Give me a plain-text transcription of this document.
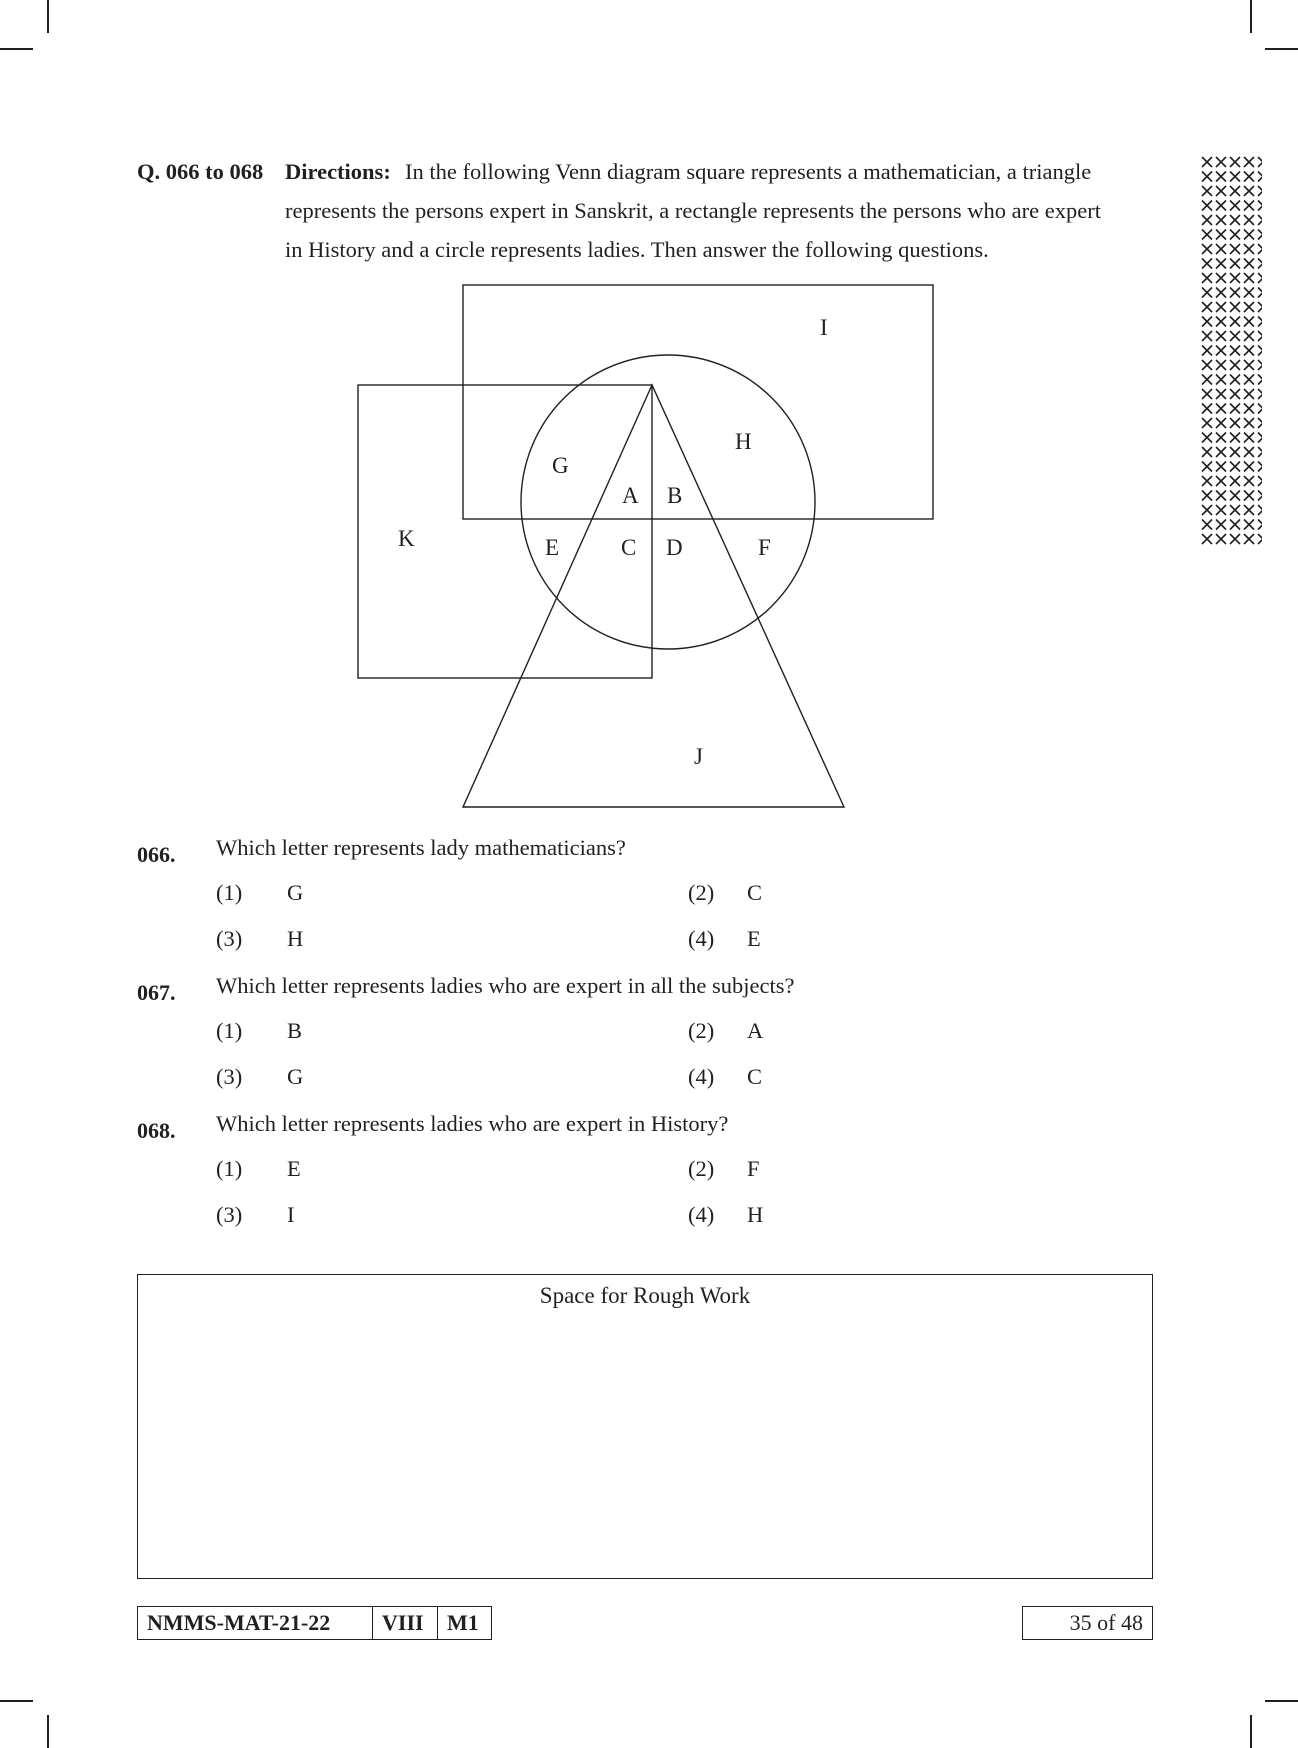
Q. 066 to 068 Directions: In the following Venn diagram square represents a mathematician, a triangle
represents the persons expert in Sanskrit, a rectangle represents the persons who are expert
in History and a circle represents ladies. Then answer the following questions.
I
H
G
A B
K	E	C D	F
J
066. Which letter represents lady mathematicians?
(1) G	(2) C
(3) H	(4) E
067. Which letter represents ladies who are expert in all the subjects?
(1) B	(2) A
(3) G	(4) C
068. Which letter represents ladies who are expert in History?
(1) E	(2) F
(3) I	(4) H
Space for Rough Work
NMMS-MAT-21-22	VIII	M1	35 of 48
